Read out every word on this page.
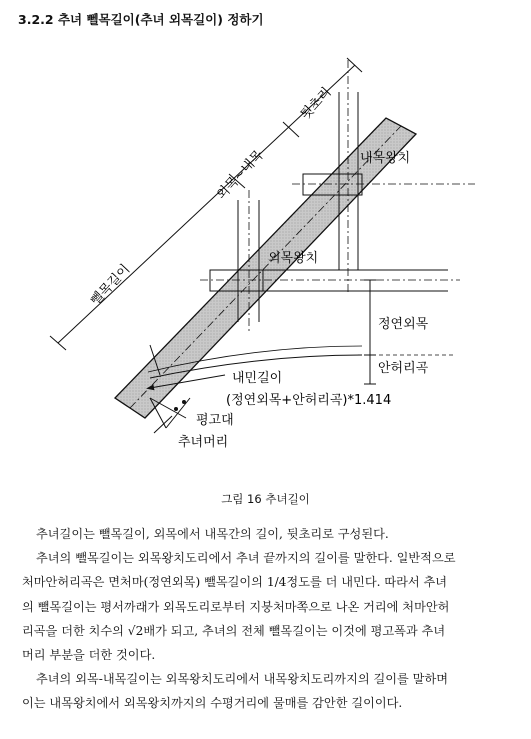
3.2.2 추녀 뻴목길이(추녀 외목길이) 정하기
툇초리
외목~내목
뻴목길이
내목왕치
외목왕치
정연외목
안허리곡
내민길이
(정연외목+안허리곡)*1.414
평고대
추녀머리
그림 16 추녀길이

추녀길이는 뺄목길이, 외목에서 내목간의 길이, 뒷초리로 구성된다.

추녀의 뺄목길이는 외목왕치도리에서 추녀 끝까지의 길이를 말한다. 일반적으로

처마안허리곡은 면처마(정연외목) 뺄목길이의 1/4정도를 더 내민다. 따라서 추녀

의 뺄목길이는 평서까래가 외목도리로부터 지붕처마쪽으로 나온 거리에 처마안허

리곡을 더한 치수의 √2배가 되고, 추녀의 전체 뺄목길이는 이것에 평고폭과 추녀

머리 부분을 더한 것이다.

추녀의 외목-내목길이는 외목왕치도리에서 내목왕치도리까지의 길이를 말하며

이는 내목왕치에서 외목왕치까지의 수평거리에 물매를 감안한 길이이다.
